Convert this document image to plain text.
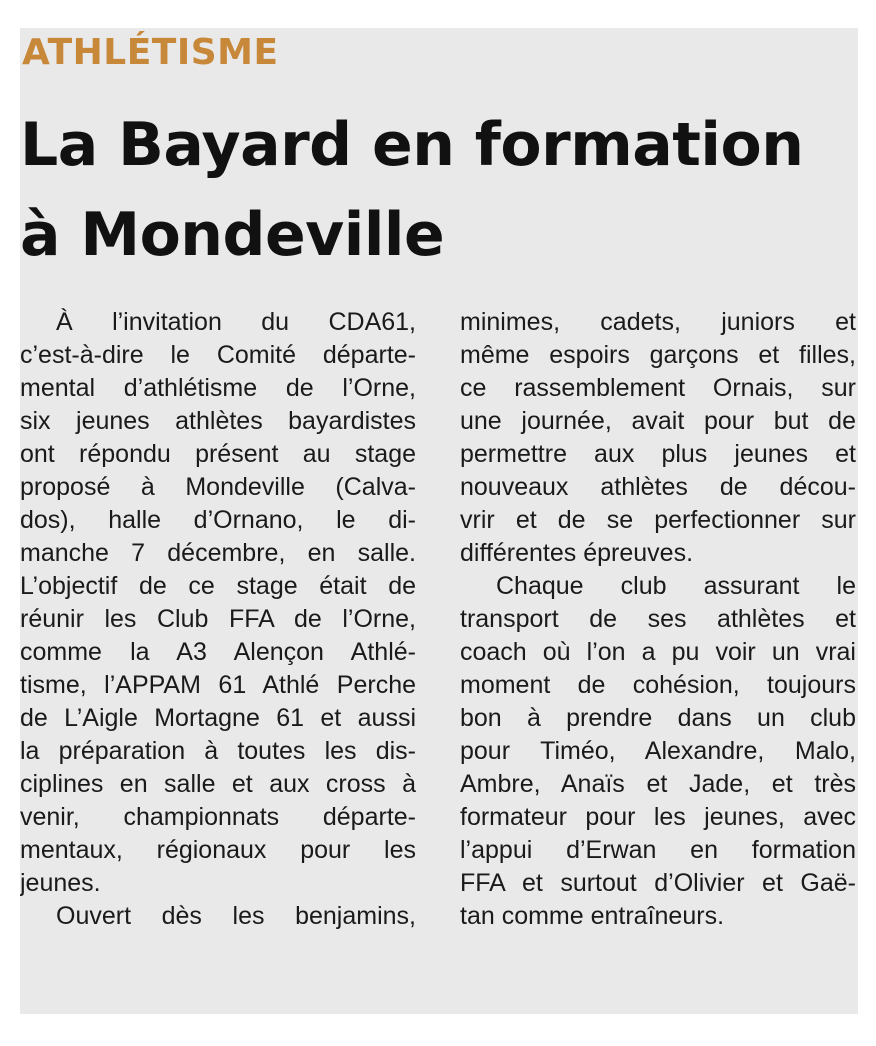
ATHLÉTISME
La Bayard en formation
à Mondeville
À l’invitation du CDA61,
c’est-à-dire le Comité départe-
mental d’athlétisme de l’Orne,
six jeunes athlètes bayardistes
ont répondu présent au stage
proposé à Mondeville (Calva-
dos), halle d’Ornano, le di-
manche 7 décembre, en salle.
L’objectif de ce stage était de
réunir les Club FFA de l’Orne,
comme la A3 Alençon Athlé-
tisme, l’APPAM 61 Athlé Perche
de L’Aigle Mortagne 61 et aussi
la préparation à toutes les dis-
ciplines en salle et aux cross à
venir, championnats départe-
mentaux, régionaux pour les
jeunes.
Ouvert dès les benjamins,
minimes, cadets, juniors et
même espoirs garçons et filles,
ce rassemblement Ornais, sur
une journée, avait pour but de
permettre aux plus jeunes et
nouveaux athlètes de décou-
vrir et de se perfectionner sur
différentes épreuves.
Chaque club assurant le
transport de ses athlètes et
coach où l’on a pu voir un vrai
moment de cohésion, toujours
bon à prendre dans un club
pour Timéo, Alexandre, Malo,
Ambre, Anaïs et Jade, et très
formateur pour les jeunes, avec
l’appui d’Erwan en formation
FFA et surtout d’Olivier et Gaë-
tan comme entraîneurs.
